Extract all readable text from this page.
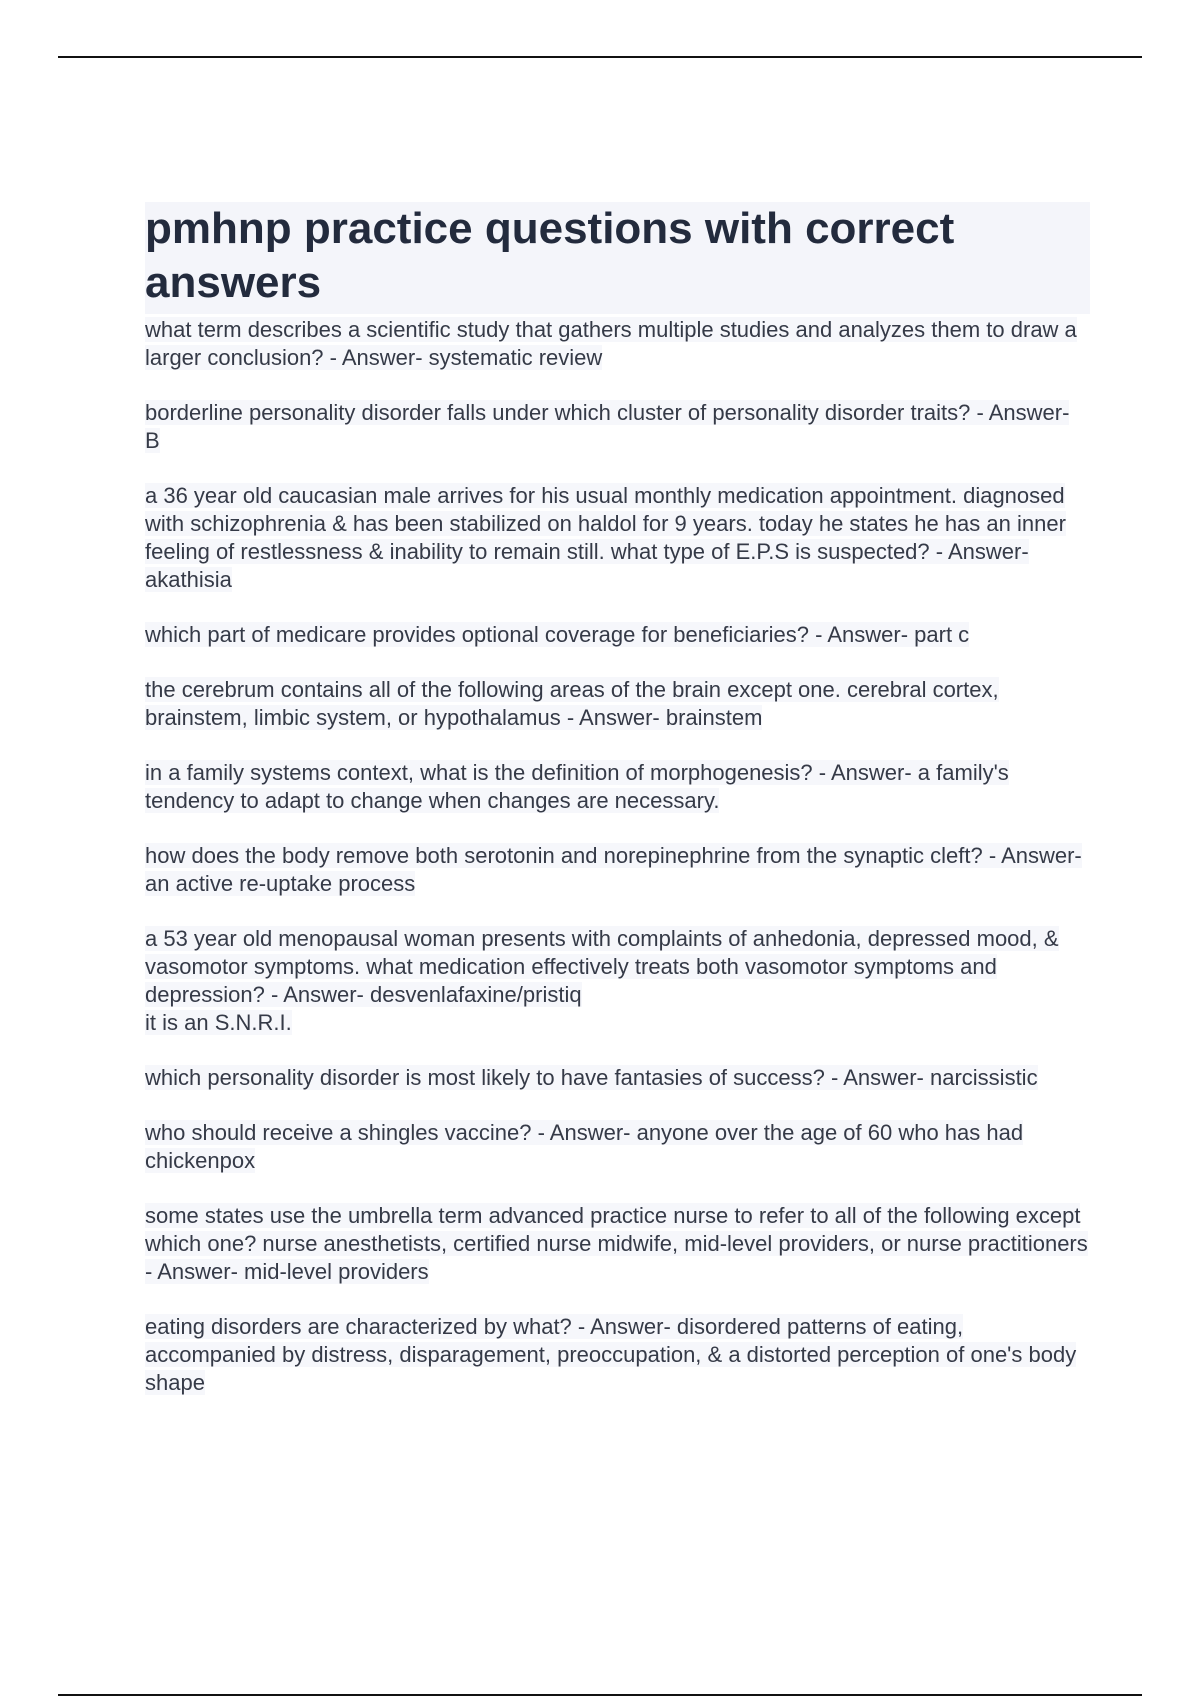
pmhnp practice questions with correct
answers
what term describes a scientific study that gathers multiple studies and analyzes them to draw a larger conclusion? - Answer- systematic review
borderline personality disorder falls under which cluster of personality disorder traits? - Answer- B
a 36 year old caucasian male arrives for his usual monthly medication appointment. diagnosed with schizophrenia & has been stabilized on haldol for 9 years. today he states he has an inner feeling of restlessness & inability to remain still. what type of E.P.S is suspected? - Answer- akathisia
which part of medicare provides optional coverage for beneficiaries? - Answer- part c
the cerebrum contains all of the following areas of the brain except one. cerebral cortex, brainstem, limbic system, or hypothalamus - Answer- brainstem
in a family systems context, what is the definition of morphogenesis? - Answer- a family's tendency to adapt to change when changes are necessary.
how does the body remove both serotonin and norepinephrine from the synaptic cleft? - Answer- an active re-uptake process
a 53 year old menopausal woman presents with complaints of anhedonia, depressed mood, & vasomotor symptoms. what medication effectively treats both vasomotor symptoms and depression? - Answer- desvenlafaxine/pristiq
it is an S.N.R.I.
which personality disorder is most likely to have fantasies of success? - Answer- narcissistic
who should receive a shingles vaccine? - Answer- anyone over the age of 60 who has had chickenpox
some states use the umbrella term advanced practice nurse to refer to all of the following except which one? nurse anesthetists, certified nurse midwife, mid-level providers, or nurse practitioners - Answer- mid-level providers
eating disorders are characterized by what? - Answer- disordered patterns of eating, accompanied by distress, disparagement, preoccupation, & a distorted perception of one's body shape
